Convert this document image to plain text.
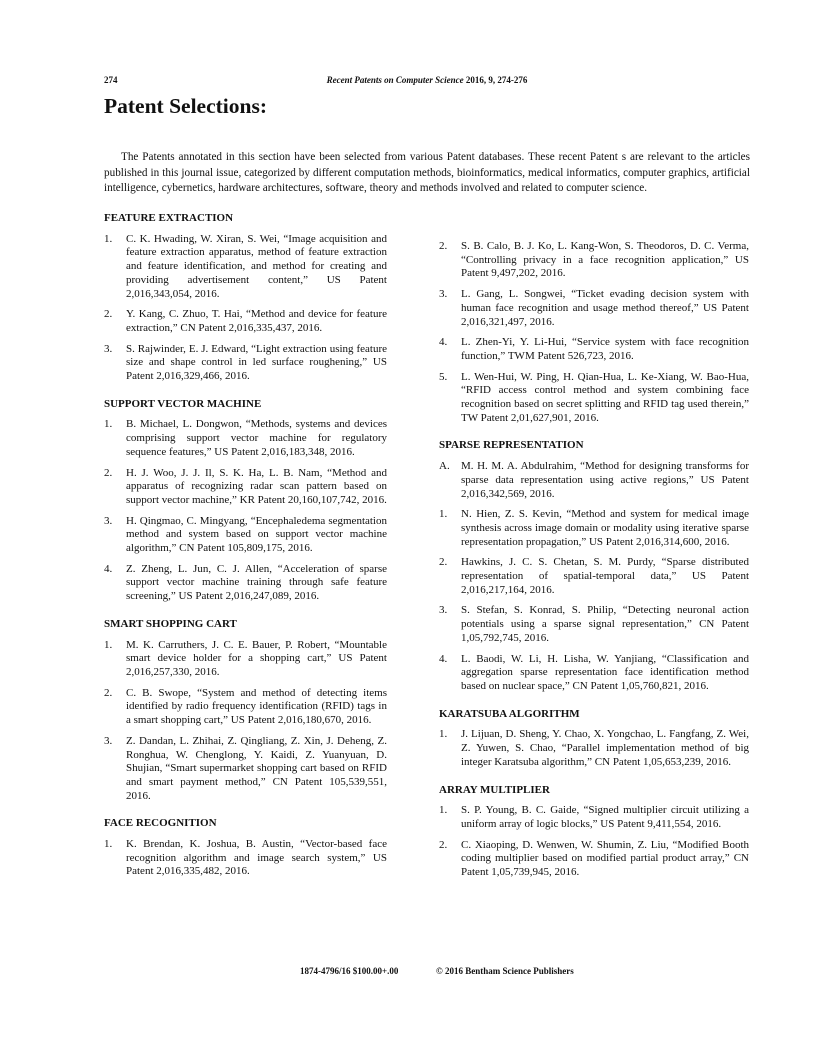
274	Recent Patents on Computer Science 2016, 9, 274-276
Patent Selections:

The Patents annotated in this section have been selected from various Patent databases. These recent Patent s are relevant to the articles published in this journal issue, categorized by different computation methods, bioinformatics, medical informatics, computer graphics, artificial intelligence, cybernetics, hardware architectures, software, theory and methods involved and related to computer science.

FEATURE EXTRACTION
1. C. K. Hwading, W. Xiran, S. Wei, “Image acquisition and feature extraction apparatus, method of feature extraction and feature identification, and method for creating and providing advertisement content,” US Patent 2,016,343,054, 2016.
2. Y. Kang, C. Zhuo, T. Hai, “Method and device for feature extraction,” CN Patent 2,016,335,437, 2016.
3. S. Rajwinder, E. J. Edward, “Light extraction using feature size and shape control in led surface roughening,” US Patent 2,016,329,466, 2016.
SUPPORT VECTOR MACHINE
1. B. Michael, L. Dongwon, “Methods, systems and devices comprising support vector machine for regulatory sequence features,” US Patent 2,016,183,348, 2016.
2. H. J. Woo, J. J. Il, S. K. Ha, L. B. Nam, “Method and apparatus of recognizing radar scan pattern based on support vector machine,” KR Patent 20,160,107,742, 2016.
3. H. Qingmao, C. Mingyang, “Encephaledema segmentation method and system based on support vector machine algorithm,” CN Patent 105,809,175, 2016.
4. Z. Zheng, L. Jun, C. J. Allen, “Acceleration of sparse support vector machine training through safe feature screening,” US Patent 2,016,247,089, 2016.
SMART SHOPPING CART
1. M. K. Carruthers, J. C. E. Bauer, P. Robert, “Mountable smart device holder for a shopping cart,” US Patent 2,016,257,330, 2016.
2. C. B. Swope, “System and method of detecting items identified by radio frequency identification (RFID) tags in a smart shopping cart,” US Patent 2,016,180,670, 2016.
3. Z. Dandan, L. Zhihai, Z. Qingliang, Z. Xin, J. Deheng, Z. Ronghua, W. Chenglong, Y. Kaidi, Z. Yuanyuan, D. Shujian, “Smart supermarket shopping cart based on RFID and smart payment method,” CN Patent 105,539,551, 2016.
FACE RECOGNITION
1. K. Brendan, K. Joshua, B. Austin, “Vector-based face recognition algorithm and image search system,” US Patent 2,016,335,482, 2016.
2. S. B. Calo, B. J. Ko, L. Kang-Won, S. Theodoros, D. C. Verma, “Controlling privacy in a face recognition application,” US Patent 9,497,202, 2016.
3. L. Gang, L. Songwei, “Ticket evading decision system with human face recognition and usage method thereof,” US Patent 2,016,321,497, 2016.
4. L. Zhen-Yi, Y. Li-Hui, “Service system with face recognition function,” TWM Patent 526,723, 2016.
5. L. Wen-Hui, W. Ping, H. Qian-Hua, L. Ke-Xiang, W. Bao-Hua, “RFID access control method and system combining face recognition based on secret splitting and RFID tag used therein,” TW Patent 2,01,627,901, 2016.
SPARSE REPRESENTATION
A. M. H. M. A. Abdulrahim, “Method for designing transforms for sparse data representation using active regions,” US Patent 2,016,342,569, 2016.
1. N. Hien, Z. S. Kevin, “Method and system for medical image synthesis across image domain or modality using iterative sparse representation propagation,” US Patent 2,016,314,600, 2016.
2. Hawkins, J. C. S. Chetan, S. M. Purdy, “Sparse distributed representation of spatial-temporal data,” US Patent 2,016,217,164, 2016.
3. S. Stefan, S. Konrad, S. Philip, “Detecting neuronal action potentials using a sparse signal representation,” CN Patent 1,05,792,745, 2016.
4. L. Baodi, W. Li, H. Lisha, W. Yanjiang, “Classification and aggregation sparse representation face identification method based on nuclear space,” CN Patent 1,05,760,821, 2016.
KARATSUBA ALGORITHM
1. J. Lijuan, D. Sheng, Y. Chao, X. Yongchao, L. Fangfang, Z. Wei, Z. Yuwen, S. Chao, “Parallel implementation method of big integer Karatsuba algorithm,” CN Patent 1,05,653,239, 2016.
ARRAY MULTIPLIER
1. S. P. Young, B. C. Gaide, “Signed multiplier circuit utilizing a uniform array of logic blocks,” US Patent 9,411,554, 2016.
2. C. Xiaoping, D. Wenwen, W. Shumin, Z. Liu, “Modified Booth coding multiplier based on modified partial product array,” CN Patent 1,05,739,945, 2016.
1874-4796/16 $100.00+.00	© 2016 Bentham Science Publishers
